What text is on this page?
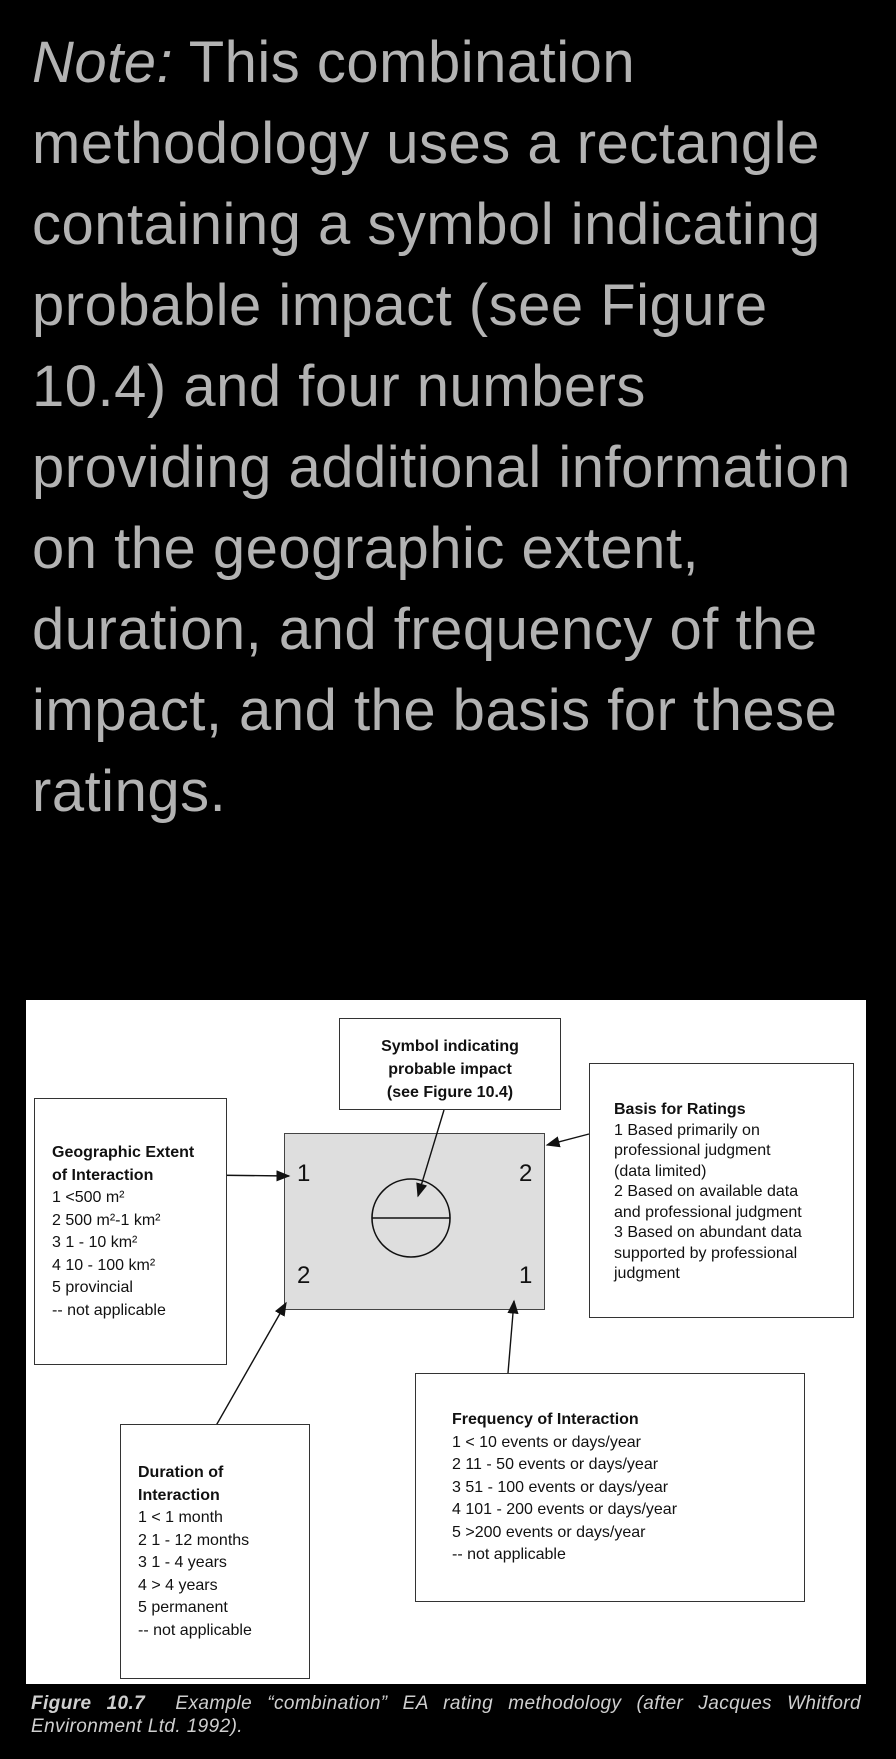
Note: This combination methodology uses a rectangle containing a symbol indicating probable impact (see Figure 10.4) and four numbers providing additional information on the geographic extent, duration, and frequency of the impact, and the basis for these ratings.

1	2
2	1
Symbol indicating
probable impact
(see Figure 10.4)
Geographic Extent
of Interaction
1 <500 m²
2 500 m²-1 km²
3 1 - 10 km²
4 10 - 100 km²
5 provincial
-- not applicable
Basis for Ratings
1 Based primarily on
professional judgment
(data limited)
2 Based on available data
and professional judgment
3 Based on abundant data
supported by professional
judgment
Frequency of Interaction
1 < 10 events or days/year
2 11 - 50 events or days/year
3 51 - 100 events or days/year
4 101 - 200 events or days/year
5 >200 events or days/year
-- not applicable
Duration of
Interaction
1 < 1 month
2 1 - 12 months
3 1 - 4 years
4 > 4 years
5 permanent
-- not applicable
Figure 10.7 Example “combination” EA rating methodology (after Jacques Whitford Environment Ltd. 1992).
